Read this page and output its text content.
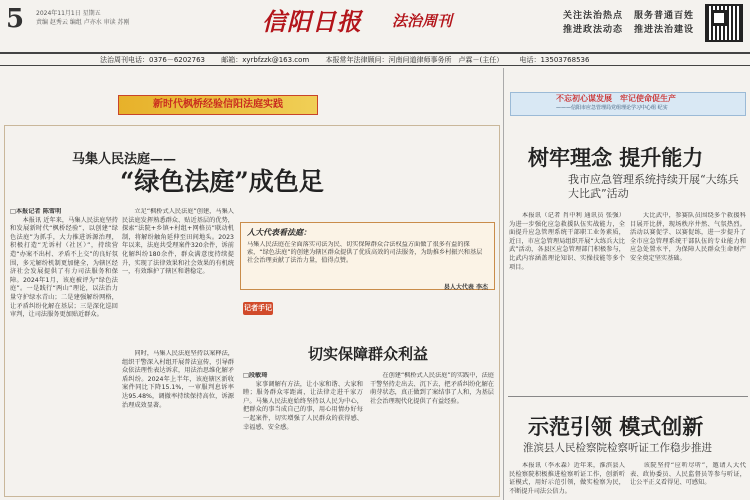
5 2024年11月1日 星期五
责编 赵秀云 编组 卢亦水 审读 苏刚	信阳日报 法治周刊	关注法治热点
推进政法动态
服务普通百姓
推进法治建设
法治周刊电话：0376－6202763 邮箱：xyrbfzzk@163.com 本报常年法律顾问：河南问道律师事务所　卢霖－(主任） 电话：13503768536
新时代枫桥经验信阳法庭实践
不忘初心谋发展　牢记使命促生产
———信阳市应急管理局党组理论学习中心组 纪实
马集人民法庭——
“绿色法庭”成色足
□本报记者 陈雪明
　　本报讯 近年来，马集人民法庭坚持和发展新时代“枫桥经验”，以创建“绿色法庭”为抓手，大力推进诉源治理，积极打造“无诉村（社区）”，持续营造“办案不出村、矛盾不上交”的良好氛围，多元解纷机制更加健全，为辖区经济社会发展提供了有力司法服务和保障。2024年1月，该庭被评为“绿色法庭”。一是践行“两山”理论，以法治力量守护绿水青山；二是建强解纷网格，让矛盾纠纷化解在基层；三是深化巡回审判，让司法服务更加贴近群众。
　　立足“枫桥式人民法庭”创建，马集人民法庭发挥熟悉群众、贴近基层的优势，探索“法院+乡镇+村组+网格员”联动机制，将解纷触角延伸至田间地头。2023年以来，法庭共受理案件320余件，诉前化解纠纷180余件，群众满意度持续提升，实现了法律效果和社会效果的有机统一，有效维护了辖区和谐稳定。
　　同时，马集人民法庭坚持以案释法，组织干警深入村组开展普法宣传，引导群众依法理性表达诉求，用法治思维化解矛盾纠纷。2024年上半年，该庭辖区新收案件同比下降15.1%，一审服判息诉率达95.48%，调撤率持续保持高位，诉源治理成效显著。
人大代表看法庭：
马集人民法庭在全面落实司法为民、切实保障群众合法权益方面做了很多有益的探索，“绿色法庭”的创建为辖区群众提供了优质高效的司法服务，为助推乡村振兴和基层社会治理贡献了法治力量，值得点赞。
县人大代表 李杰
记者手记
切实保障群众利益
□段敏琦
　　家事调解有方法，让小家和谐、大家和睦；服务群众零距离，让法律走进千家万户。马集人民法庭始终坚持以人民为中心，把群众的事当成自己的事，用心用情办好每一起案件，切实增强了人民群众的获得感、幸福感、安全感。
　　在创建“枫桥式人民法庭”的实践中，法庭干警坚持走出去、沉下去，把矛盾纠纷化解在萌芽状态，真正做到了案结事了人和，为基层社会治理现代化提供了有益经验。
树牢理念 提升能力
我市应急管理系统持续开展“大练兵大比武”活动
　　本报讯（记者 肖中利 通讯员 张强）为进一步强化应急救援队伍实战能力，全面提升应急管理系统干部职工业务素质，近日，市应急管理局组织开展“大练兵大比武”活动，各县区应急管理部门积极参与，比武内容涵盖理论知识、实操技能等多个项目。
　　大比武中，参赛队员围绕多个救援科目展开比拼，现场秩序井然、气氛热烈。活动以赛促学、以赛促练，进一步提升了全市应急管理系统干部队伍的专业能力和应急处置水平，为保障人民群众生命财产安全奠定坚实基础。
示范引领 模式创新
淮滨县人民检察院检察听证工作稳步推进
　　本报讯（李永森）近年来，淮滨县人民检察院积极推进检察听证工作，创新听证模式，用好示范引领，做实检察为民，不断提升司法公信力。
　　该院坚持“应听尽听”，邀请人大代表、政协委员、人民监督员等参与听证，让公平正义看得见、可感知。
